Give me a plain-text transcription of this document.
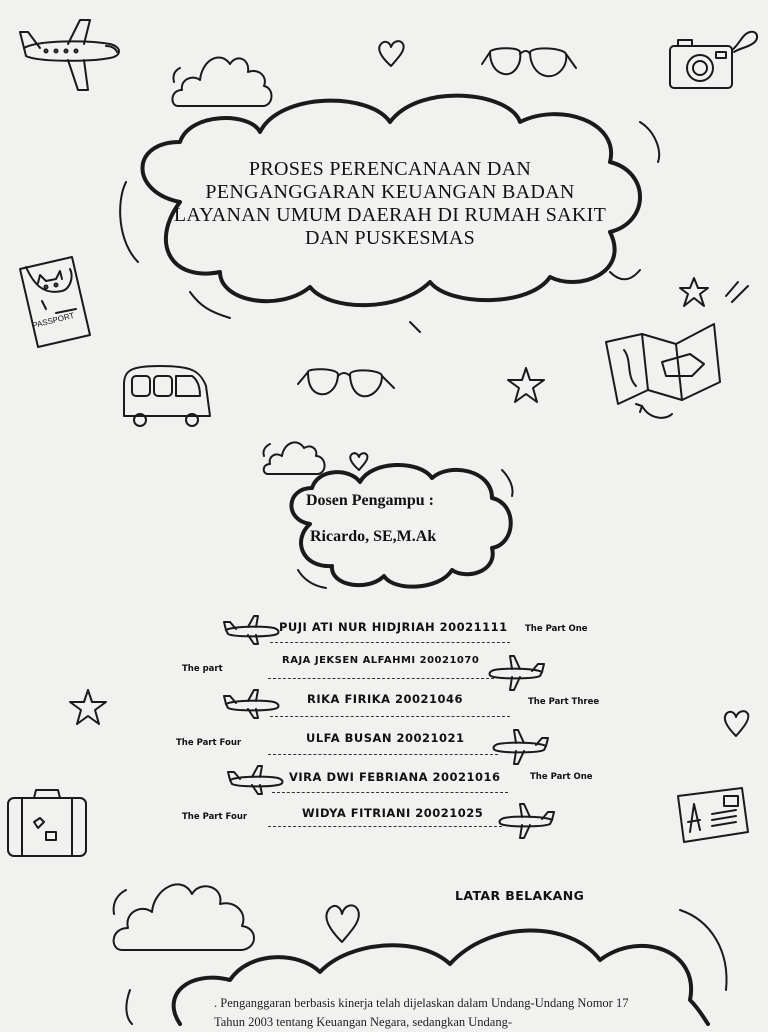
PROSES PERENCANAAN DAN PENGANGGARAN KEUANGAN BADAN LAYANAN UMUM DAERAH DI RUMAH SAKIT DAN PUSKESMAS
PASSPORT
Dosen Pengampu :
Ricardo, SE,M.Ak
PUJI ATI NUR HIDJRIAH 20021111 The Part One
The part
RAJA JEKSEN ALFAHMI 20021070
RIKA FIRIKA 20021046	The Part Three
The Part Four	ULFA BUSAN 20021021
VIRA DWI FEBRIANA 20021016	The Part One
The Part Four	WIDYA FITRIANI 20021025
LATAR BELAKANG
. Penganggaran berbasis kinerja telah dijelaskan dalam Undang-Undang Nomor 17 Tahun 2003 tentang Keuangan Negara, sedangkan Undang-
